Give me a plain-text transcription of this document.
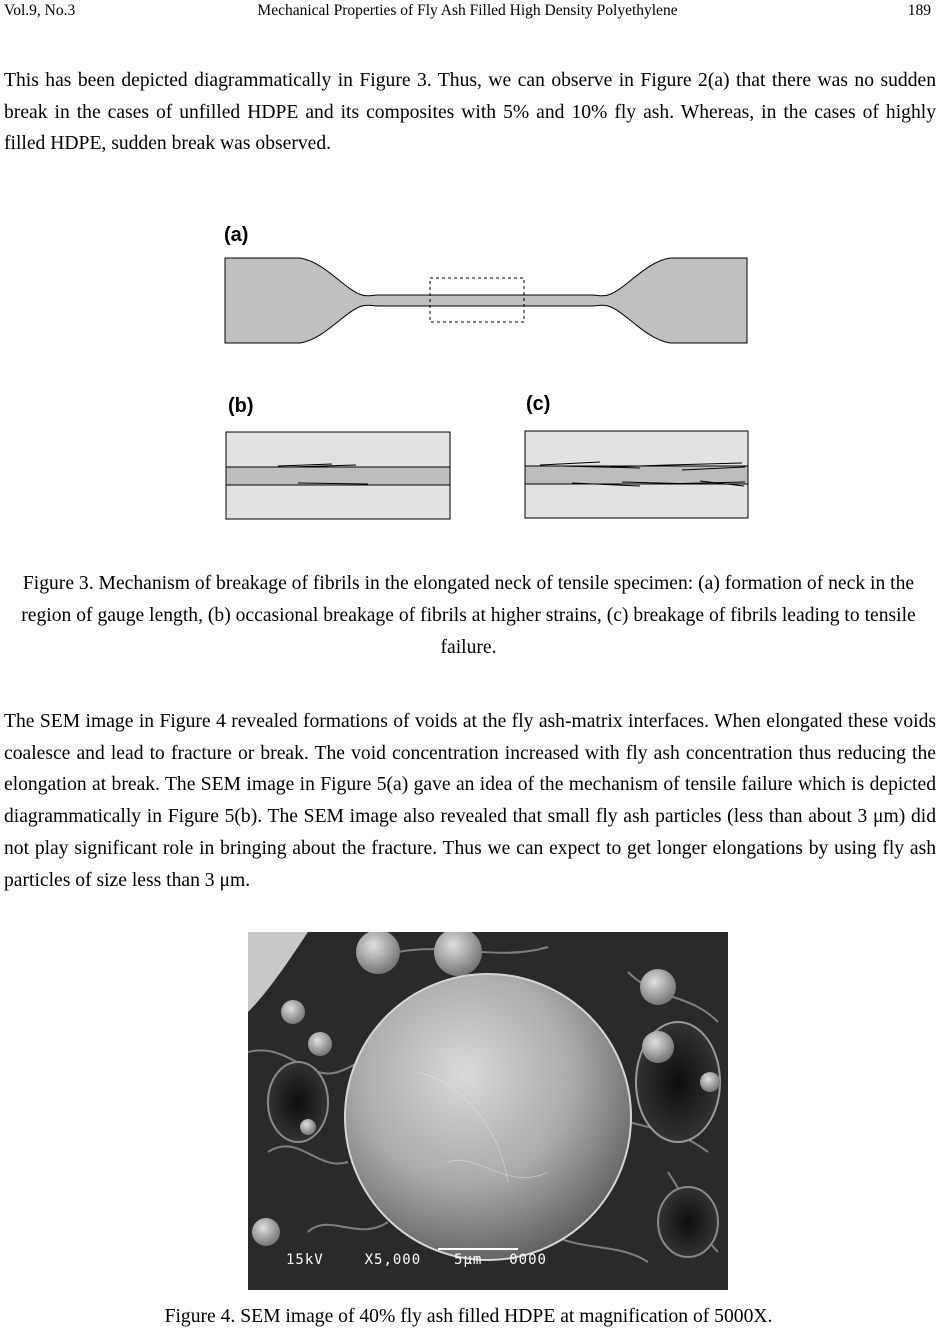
Vol.9, No.3	Mechanical Properties of Fly Ash Filled High Density Polyethylene	189
This has been depicted diagrammatically in Figure 3. Thus, we can observe in Figure 2(a) that there was no sudden break in the cases of unfilled HDPE and its composites with 5% and 10% fly ash. Whereas, in the cases of highly filled HDPE, sudden break was observed.
(a)
(b)	(c)
Figure 3. Mechanism of breakage of fibrils in the elongated neck of tensile specimen: (a) formation of neck in the region of gauge length, (b) occasional breakage of fibrils at higher strains, (c) breakage of fibrils leading to tensile failure.
The SEM image in Figure 4 revealed formations of voids at the fly ash-matrix interfaces. When elongated these voids coalesce and lead to fracture or break. The void concentration increased with fly ash concentration thus reducing the elongation at break. The SEM image in Figure 5(a) gave an idea of the mechanism of tensile failure which is depicted diagrammatically in Figure 5(b). The SEM image also revealed that small fly ash particles (less than about 3 μm) did not play significant role in bringing about the fracture. Thus we can expect to get longer elongations by using fly ash particles of size less than 3 μm.
15kV	X5,000 5μm 0000
Figure 4. SEM image of 40% fly ash filled HDPE at magnification of 5000X.
